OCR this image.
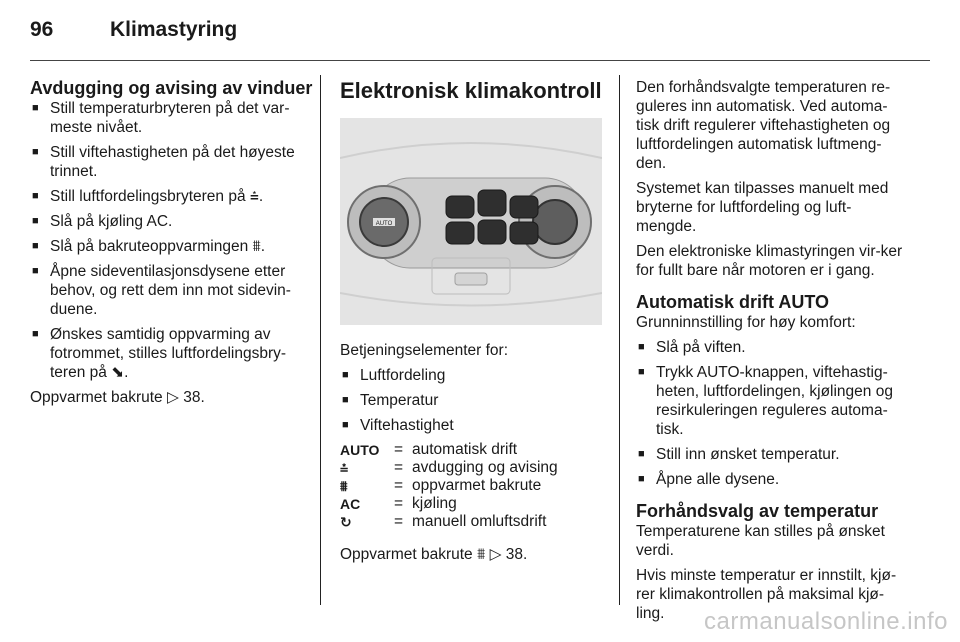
96	Klimastyring
Avdugging og avising av vinduer
■ Still temperaturbryteren på det var-meste nivået.
■ Still viftehastigheten på det høyeste trinnet.
■ Still luftfordelingsbryteren på ⩮.
■ Slå på kjøling AC.
■ Slå på bakruteoppvarmingen ⩩.
■ Åpne sideventilasjonsdysene etter behov, og rett dem inn mot sidevin-duene.
■ Ønskes samtidig oppvarming av fotrommet, stilles luftfordelingsbry-teren på ⬊.

Oppvarmet bakrute ▷ 38.

Elektronisk klimakontroll
AUTO

Betjeningselementer for:

■ Luftfordeling
■ Temperatur
■ Viftehastighet
AUTO = automatisk drift
⩮	= avdugging og avising
⩩	= oppvarmet bakrute
AC	= kjøling
↻	= manuell omluftsdrift

Oppvarmet bakrute ⩩ ▷ 38.

Den forhåndsvalgte temperaturen re-guleres inn automatisk. Ved automa-tisk drift regulerer viftehastigheten og luftfordelingen automatisk luftmeng-den.

Systemet kan tilpasses manuelt med bryterne for luftfordeling og luft-mengde.

Den elektroniske klimastyringen vir-ker for fullt bare når motoren er i gang.

Automatisk drift AUTO

Grunninnstilling for høy komfort:

■ Slå på viften.
■ Trykk AUTO-knappen, viftehastig-heten, luftfordelingen, kjølingen og resirkuleringen reguleres automa-tisk.
■ Still inn ønsket temperatur.
■ Åpne alle dysene.
Forhåndsvalg av temperatur

Temperaturene kan stilles på ønsket verdi.

Hvis minste temperatur er innstilt, kjø-rer klimakontrollen på maksimal kjø-ling.	carmanualsonline.info
